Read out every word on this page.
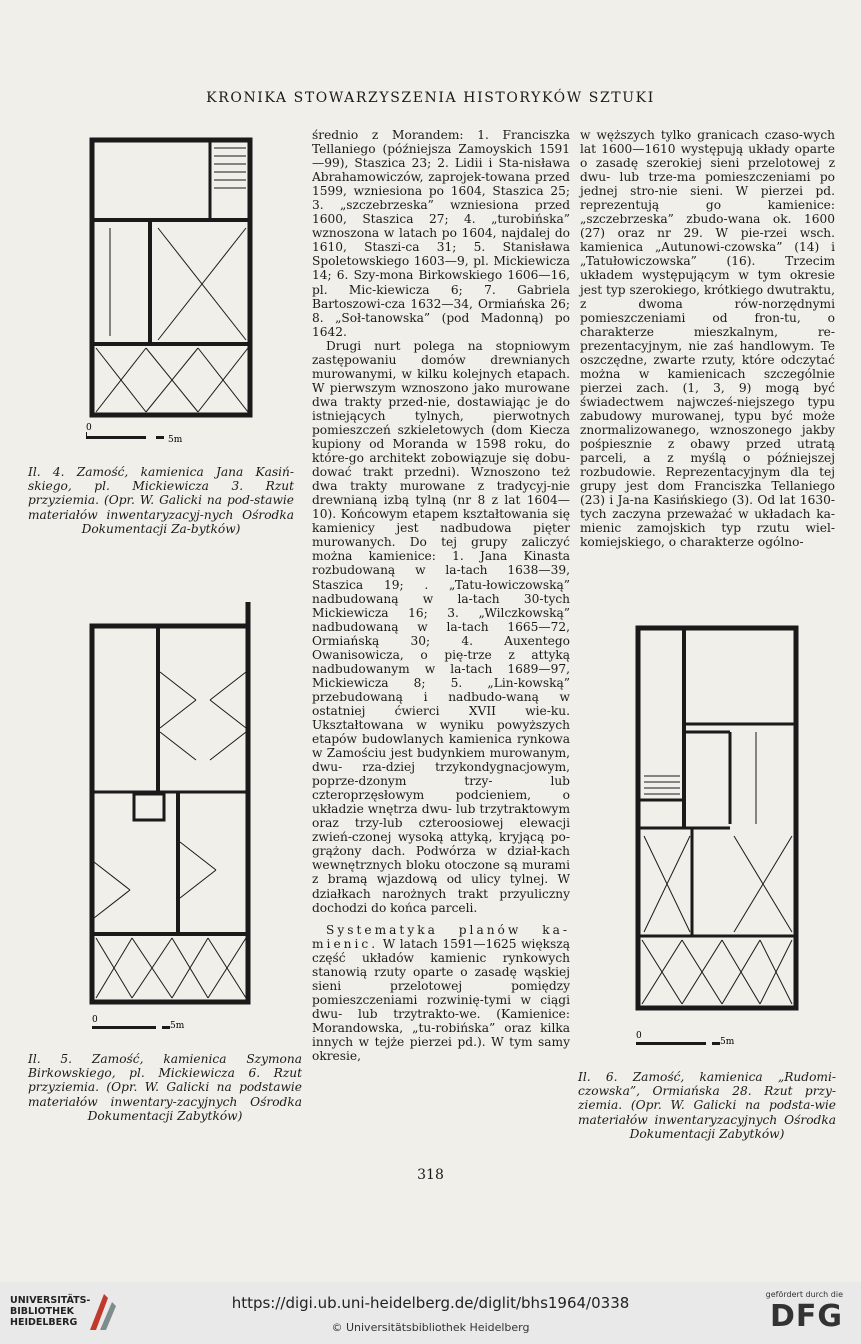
KRONIKA STOWARZYSZENIA HISTORYKÓW SZTUKI
0
5m
Il. 4. Zamość, kamienica Jana Kasiń-skiego, pl. Mickiewicza 3. Rzut przyziemia. (Opr. W. Galicki na pod-stawie materiałów inwentaryzacyj-nych Ośrodka Dokumentacji Za-bytków)
0
5m
Il. 5. Zamość, kamienica Szymona Birkowskiego, pl. Mickiewicza 6. Rzut przyziemia. (Opr. W. Galicki na podstawie materiałów inwentary-zacyjnych Ośrodka Dokumentacji Zabytków)
0
5m
Il. 6. Zamość, kamienica „Rudomi-czowska”, Ormiańska 28. Rzut przy-ziemia. (Opr. W. Galicki na podsta-wie materiałów inwentaryzacyjnych Ośrodka Dokumentacji Zabytków)

średnio z Morandem: 1. Franciszka Tellaniego (późniejsza Zamoyskich 1591—99), Staszica 23; 2. Lidii i Sta-nisława Abrahamowiczów, zaprojek-towana przed 1599, wzniesiona po 1604, Staszica 25; 3. „szczebrzeska” wzniesiona przed 1600, Staszica 27; 4. „turobińska” wznoszona w latach po 1604, najdalej do 1610, Staszi-ca 31; 5. Stanisława Spoletowskiego 1603—9, pl. Mickiewicza 14; 6. Szy-mona Birkowskiego 1606—16, pl. Mic-kiewicza 6; 7. Gabriela Bartoszowi-cza 1632—34, Ormiańska 26; 8. „Soł-tanowska” (pod Madonną) po 1642.

Drugi nurt polega na stopniowym zastępowaniu domów drewnianych murowanymi, w kilku kolejnych etapach. W pierwszym wznoszono jako murowane dwa trakty przed-nie, dostawiając je do istniejących tylnych, pierwotnych pomieszczeń szkieletowych (dom Kiecza kupiony od Moranda w 1598 roku, do które-go architekt zobowiązuje się dobu-dować trakt przedni). Wznoszono też dwa trakty murowane z tradycyj-nie drewnianą izbą tylną (nr 8 z lat 1604—10). Końcowym etapem kształtowania się kamienicy jest nadbudowa pięter murowanych. Do tej grupy zaliczyć można kamienice: 1. Jana Kinasta rozbudowaną w la-tach 1638—39, Staszica 19; . „Tatu-łowiczowską” nadbudowaną w la-tach 30-tych Mickiewicza 16; 3. „Wilczkowską” nadbudowaną w la-tach 1665—72, Ormiańską 30; 4. Auxentego Owanisowicza, o pię-trze z attyką nadbudowanym w la-tach 1689—97, Mickiewicza 8; 5. „Lin-kowską” przebudowaną i nadbudo-waną w ostatniej ćwierci XVII wie-ku. Ukształtowana w wyniku powyższych etapów budowlanych kamienica rynkowa w Zamościu jest budynkiem murowanym, dwu- rza-dziej trzykondygnacjowym, poprze-dzonym trzy- lub czteroprzęsłowym podcieniem, o układzie wnętrza dwu- lub trzytraktowym oraz trzy-lub czteroosiowej elewacji zwień-czonej wysoką attyką, kryjącą po-grążony dach. Podwórza w dział-kach wewnętrznych bloku otoczone są murami z bramą wjazdową od ulicy tylnej. W działkach narożnych trakt przyuliczny dochodzi do końca parceli.

Systematyka planów ka-mienic. W latach 1591—1625 większą część układów kamienic rynkowych stanowią rzuty oparte o zasadę wąskiej sieni przelotowej pomiędzy pomieszczeniami rozwinię-tymi w ciągi dwu- lub trzytrakto-we. (Kamienice: Morandowska, „tu-robińska” oraz kilka innych w tejże pierzei pd.). W tym samy okresie,

w węższych tylko granicach czaso-wych lat 1600—1610 występują układy oparte o zasadę szerokiej sieni przelotowej z dwu- lub trze-ma pomieszczeniami po jednej stro-nie sieni. W pierzei pd. reprezentują go kamienice: „szczebrzeska” zbudo-wana ok. 1600 (27) oraz nr 29. W pie-rzei wsch. kamienica „Autunowi-czowska” (14) i „Tatułowiczowska” (16). Trzecim układem występującym w tym okresie jest typ szerokiego, krótkiego dwutraktu, z dwoma rów-norzędnymi pomieszczeniami od fron-tu, o charakterze mieszkalnym, re-prezentacyjnym, nie zaś handlowym. Te oszczędne, zwarte rzuty, które odczytać można w kamienicach szczególnie pierzei zach. (1, 3, 9) mogą być świadectwem najwcześ-niejszego typu zabudowy murowanej, typu być może znormalizowanego, wznoszonego jakby pośpiesznie z obawy przed utratą parceli, a z myślą o późniejszej rozbudowie. Reprezentacyjnym dla tej grupy jest dom Franciszka Tellaniego (23) i Ja-na Kasińskiego (3). Od lat 1630-tych zaczyna przeważać w układach ka-mienic zamojskich typ rzutu wiel-komiejskiego, o charakterze ogólno-

318
UNIVERSITÄTS-
BIBLIOTHEK
HEIDELBERG
https://digi.ub.uni-heidelberg.de/diglit/bhs1964/0338
© Universitätsbibliothek Heidelberg
gefördert durch die
DFG
